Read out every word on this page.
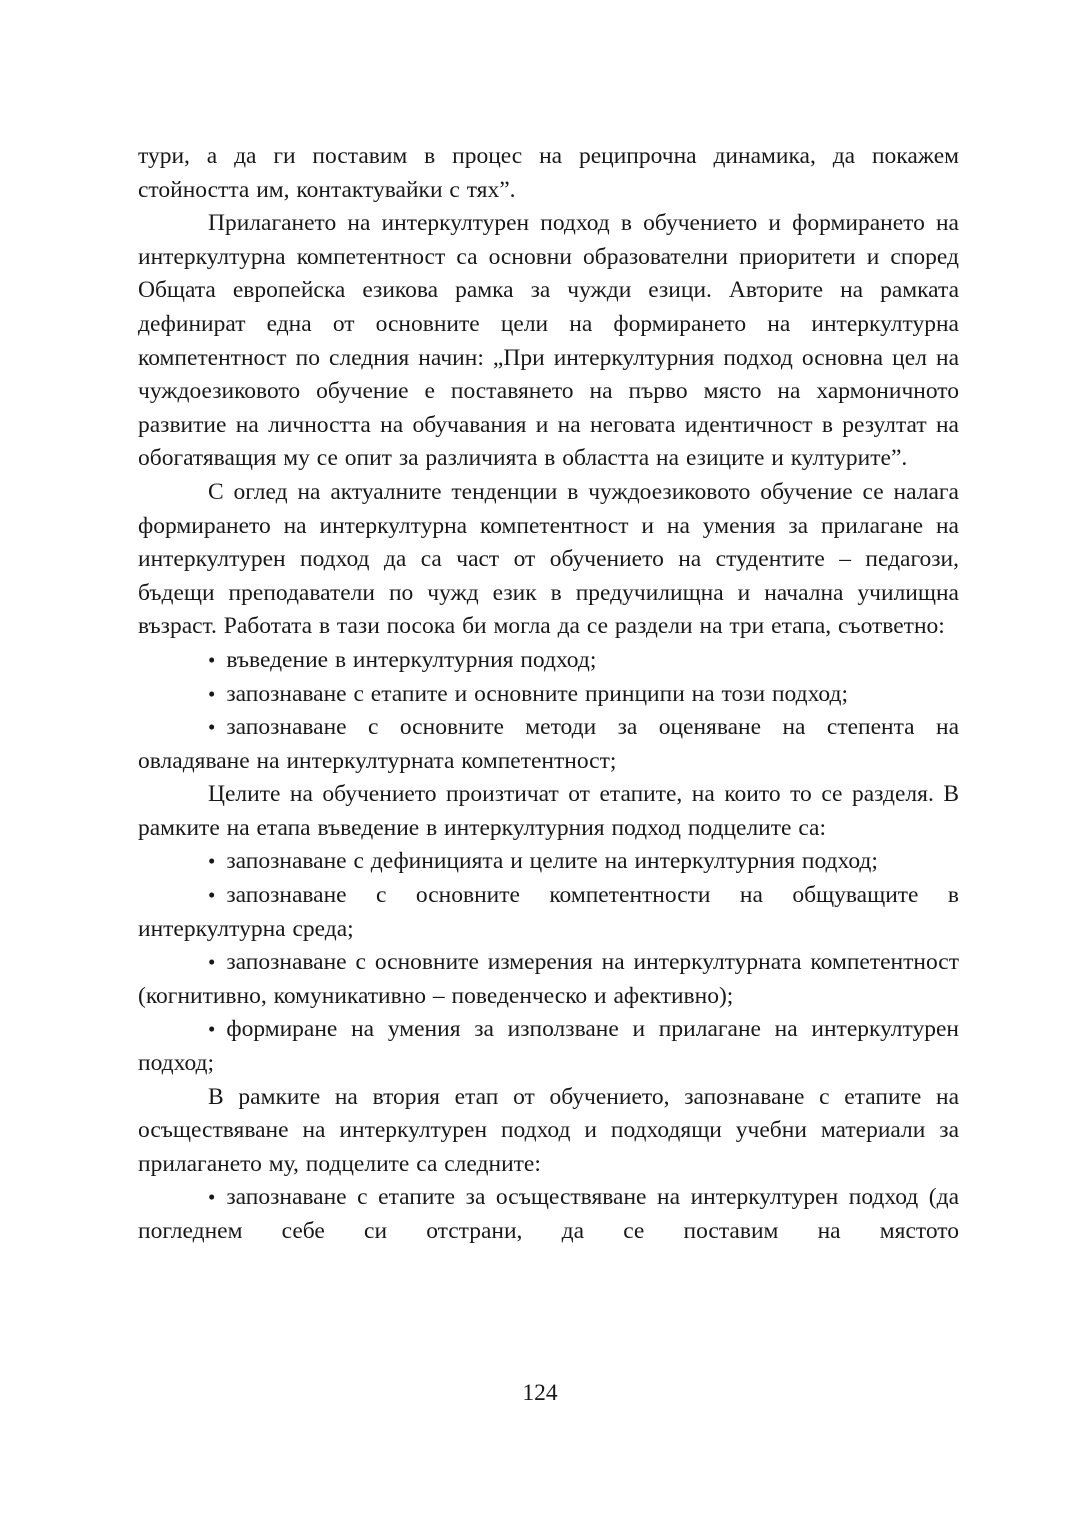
тури, а да ги поставим в процес на реципрочна динамика, да покажем стойността им, контактувайки с тях”.

Прилагането на интеркултурен подход в обучението и формирането на интеркултурна компетентност са основни образователни приоритети и според Общата европейска езикова рамка за чужди езици. Авторите на рамката дефинират една от основните цели на формирането на интеркултурна компетентност по следния начин: „При интеркултурния подход основна цел на чуждоезиковото обучение е поставянето на първо място на хармоничното развитие на личността на обучавания и на неговата идентичност в резултат на обогатяващия му се опит за различията в областта на езиците и културите”.

С оглед на актуалните тенденции в чуждоезиковото обучение се налага формирането на интеркултурна компетентност и на умения за прилагане на интеркултурен подход да са част от обучението на студентите – педагози, бъдещи преподаватели по чужд език в предучилищна и начална училищна възраст. Работата в тази посока би могла да се раздели на три етапа, съответно:

• въведение в интеркултурния подход;

• запознаване с етапите и основните принципи на този подход;

• запознаване с основните методи за оценяване на степента на овладяване на интеркултурната компетентност;

Целите на обучението произтичат от етапите, на които то се разделя. В рамките на етапа въведение в интеркултурния подход подцелите са:

• запознаване с дефиницията и целите на интеркултурния подход;

• запознаване с основните компетентности на общуващите в интеркултурна среда;

• запознаване с основните измерения на интеркултурната компетентност (когнитивно, комуникативно – поведенческо и афективно);

• формиране на умения за използване и прилагане на интеркултурен подход;

В рамките на втория етап от обучението, запознаване с етапите на осъществяване на интеркултурен подход и подходящи учебни материали за прилагането му, подцелите са следните:

• запознаване с етапите за осъществяване на интеркултурен подход (да погледнем себе си отстрани, да се поставим на мястото

124
